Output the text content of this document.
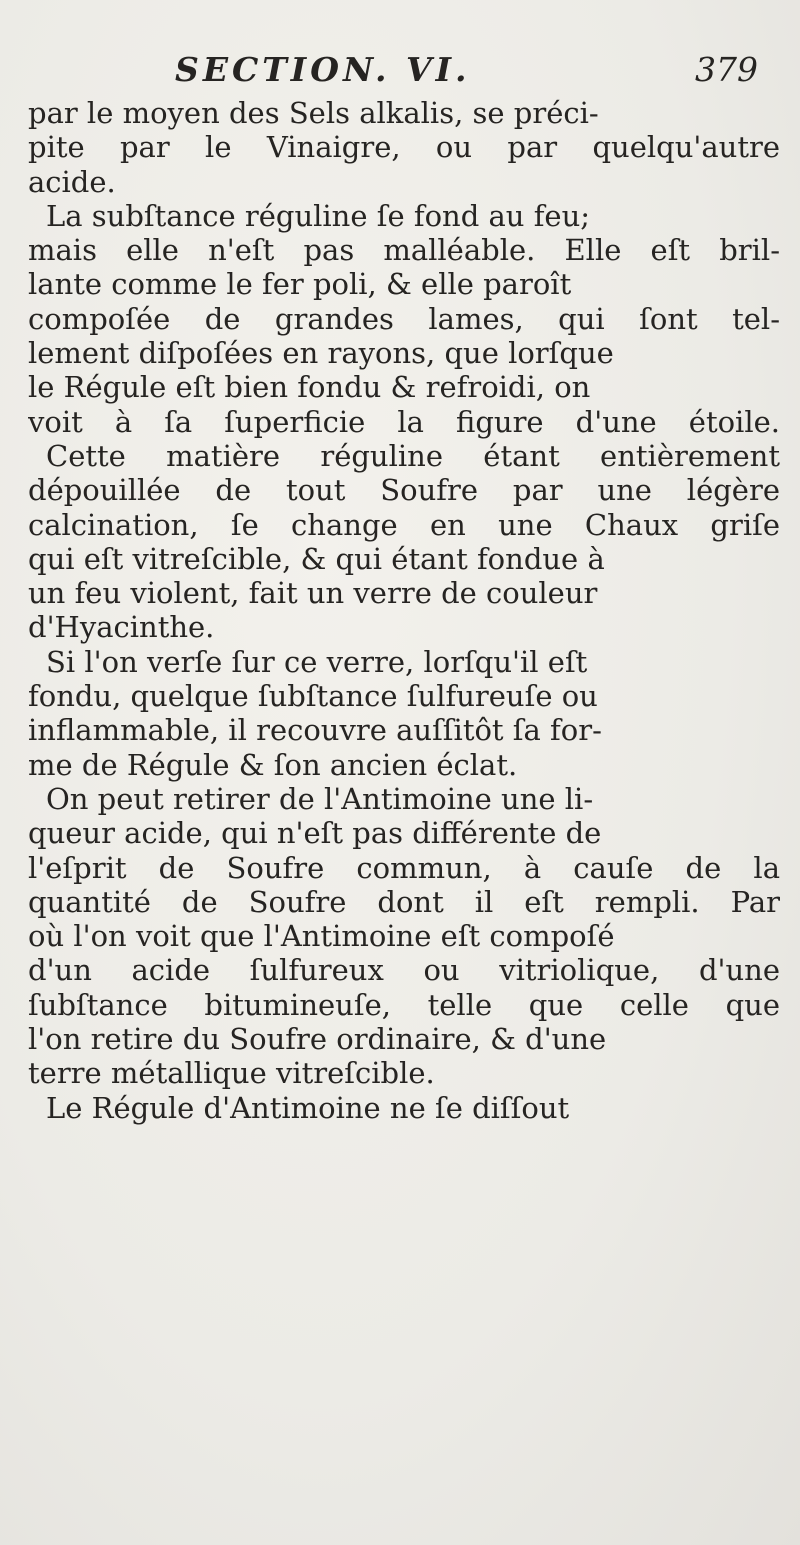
SECTION. VI.	379
par le moyen des Sels alkalis, se préci-
pite par le Vinaigre, ou par quelqu'autre
acide.
La subſtance réguline ſe fond au feu;
mais elle n'eſt pas malléable. Elle eſt bril-
lante comme le fer poli, & elle paroît
compoſée de grandes lames, qui ſont tel-
lement diſpoſées en rayons, que lorſque
le Régule eſt bien fondu & refroidi, on
voit à ſa ſuperficie la figure d'une étoile.
Cette matière réguline étant entièrement
dépouillée de tout Soufre par une légère
calcination, ſe change en une Chaux griſe
qui eſt vitreſcible, & qui étant fondue à
un feu violent, fait un verre de couleur
d'Hyacinthe.
Si l'on verſe ſur ce verre, lorſqu'il eſt
fondu, quelque ſubſtance ſulfureuſe ou
inflammable, il recouvre auſſitôt ſa for-
me de Régule & ſon ancien éclat.
On peut retirer de l'Antimoine une li-
queur acide, qui n'eſt pas différente de
l'eſprit de Soufre commun, à cauſe de la
quantité de Soufre dont il eſt rempli. Par
où l'on voit que l'Antimoine eſt compoſé
d'un acide ſulfureux ou vitriolique, d'une
ſubſtance bitumineuſe, telle que celle que
l'on retire du Soufre ordinaire, & d'une
terre métallique vitreſcible.
Le Régule d'Antimoine ne ſe diſſout
